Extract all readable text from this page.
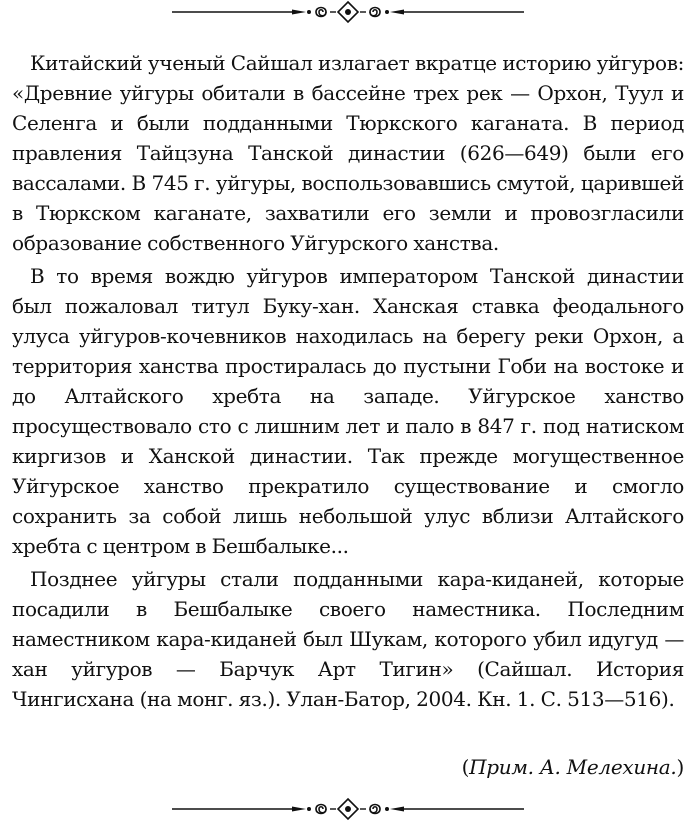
Китайский ученый Сайшал излагает вкратце историю уйгуров: «Древние уйгуры обитали в бассейне трех рек — Орхон, Туул и Селенга и были подданными Тюркского каганата. В период правления Тайцзуна Танской династии (626—649) были его вассалами. В 745 г. уйгуры, воспользовавшись смутой, царившей в Тюркском каганате, захватили его земли и провозгласили образование собственного Уйгурского ханства.

В то время вождю уйгуров императором Танской династии был пожаловал титул Буку-хан. Ханская ставка феодального улуса уйгуров-кочевников находилась на берегу реки Орхон, а территория ханства простиралась до пустыни Гоби на востоке и до Алтайского хребта на западе. Уйгурское ханство просуществовало сто с лишним лет и пало в 847 г. под натиском киргизов и Ханской династии. Так прежде могущественное Уйгурское ханство прекратило существование и смогло сохранить за собой лишь небольшой улус вблизи Алтайского хребта с центром в Бешбалыке...

Позднее уйгуры стали подданными кара-киданей, которые посадили в Бешбалыке своего наместника. Последним наместником кара-киданей был Шукам, которого убил идугуд — хан уйгуров — Барчук Арт Тигин» (Сайшал. История Чингисхана (на монг. яз.). Улан-Батор, 2004. Кн. 1. С. 513—516).

(Прим. А. Мелехина.)
